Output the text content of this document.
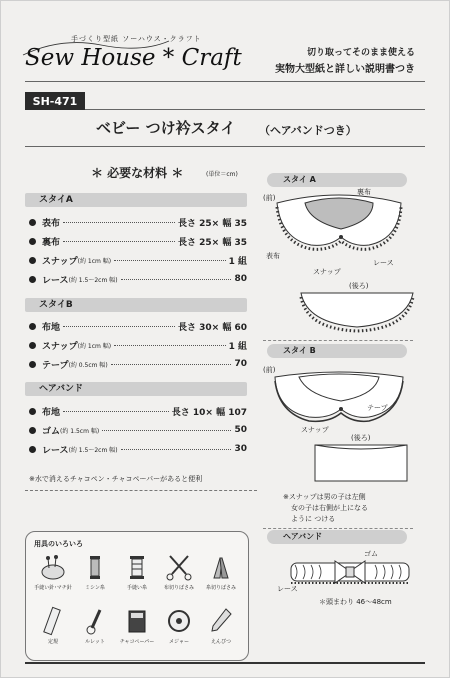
手づくり型紙 ソーハウス・クラフト
Sew House * Craft	切り取ってそのまま使える
実物大型紙と詳しい説明書つき
SH-471
ベビー つけ衿スタイ （ヘアバンドつき）
＊ 必要な材料 ＊	(単位＝cm)
スタイA
表布	長さ 25× 幅 35
裏布	長さ 25× 幅 35
スナップ (約 1cm 幅)	1 組
レース (約 1.5〜2cm 幅)	80
スタイB
布地	長さ 30× 幅 60
スナップ (約 1cm 幅)	1 組
テープ (約 0.5cm 幅)	70
ヘアバンド
布地	長さ 10× 幅 107
ゴム (約 1.5cm 幅)	50
レース (約 1.5〜2cm 幅)	30
※水で消えるチャコペン・チャコペーパーがあると便利
用具のいろいろ
手縫い針･マチ針	ミシン糸	手縫い糸	布切りばさみ	糸切りばさみ
定規	ルレット	チャコペーパー	メジャー	えんぴつ
スタイ A
(前)
裏布
表布
スナップ
レース
(後ろ)
スタイ B
(前)
テープ
スナップ
(後ろ)
※スナップは男の子は左側
女の子は右側が上になる
ように つける
ヘアバンド
ゴム
レース
＊頭まわり 46〜48cm
